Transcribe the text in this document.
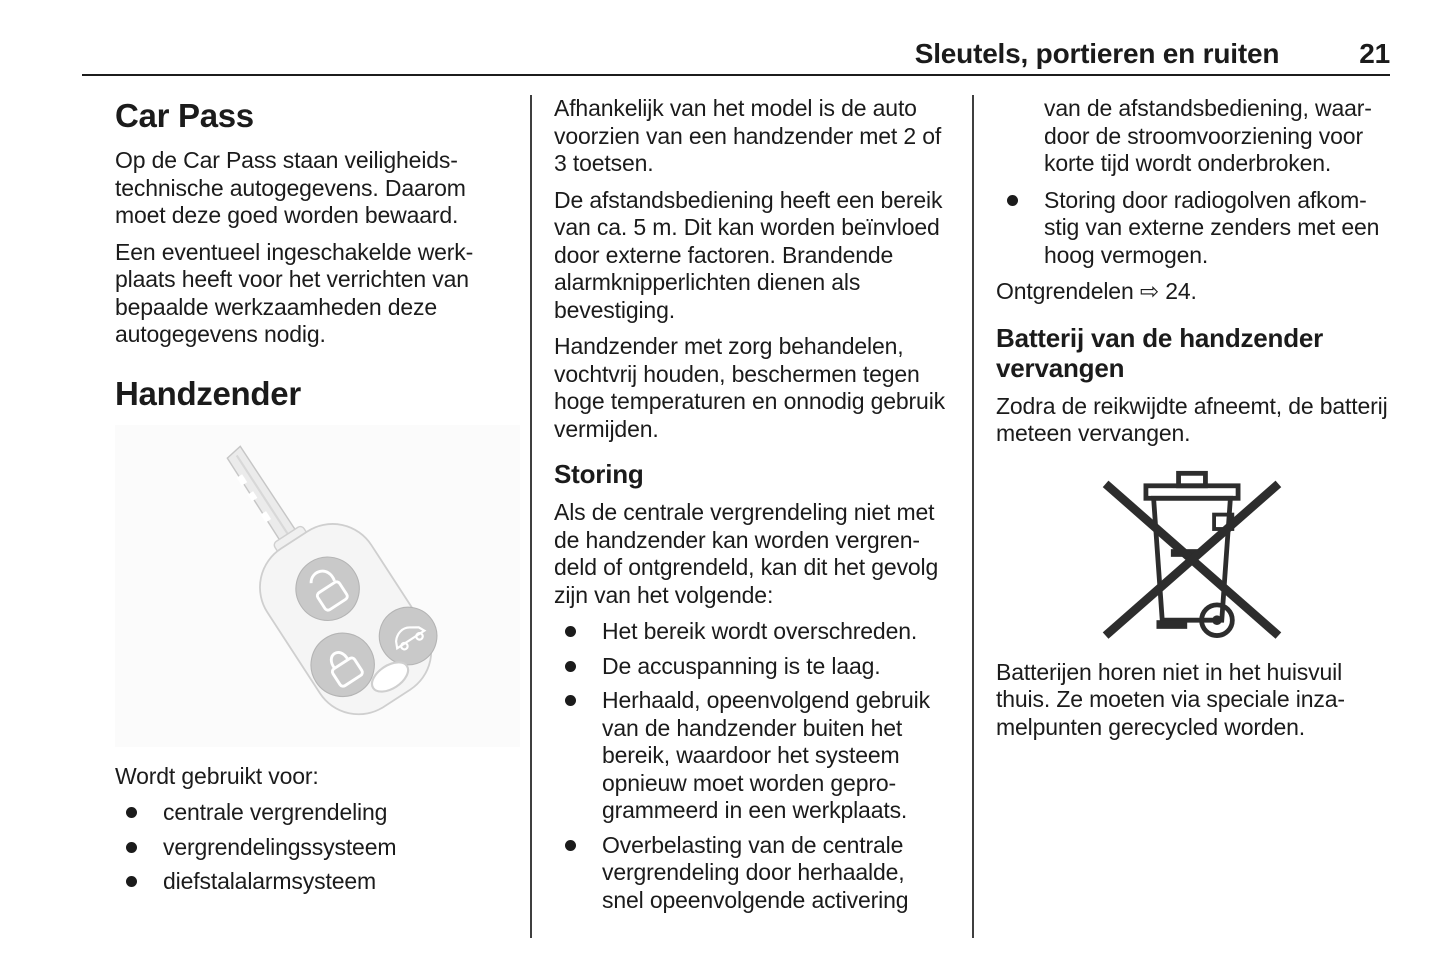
Sleutels, portieren en ruiten	21
Car Pass

Op de Car Pass staan veiligheids-technische autogegevens. Daarom moet deze goed worden bewaard.

Een eventueel ingeschakelde werk-plaats heeft voor het verrichten van bepaalde werkzaamheden deze autogegevens nodig.

Handzender

Wordt gebruikt voor:

centrale vergrendeling
vergrendelingssysteem
diefstalalarmsysteem

Afhankelijk van het model is de auto voorzien van een handzender met 2 of 3 toetsen.

De afstandsbediening heeft een bereik van ca. 5 m. Dit kan worden beïnvloed door externe factoren. Brandende alarmknipperlichten dienen als bevestiging.

Handzender met zorg behandelen, vochtvrij houden, beschermen tegen hoge temperaturen en onnodig gebruik vermijden.

Storing

Als de centrale vergrendeling niet met de handzender kan worden vergren-deld of ontgrendeld, kan dit het gevolg zijn van het volgende:

Het bereik wordt overschreden.
De accuspanning is te laag.
Herhaald, opeenvolgend gebruik van de handzender buiten het bereik, waardoor het systeem opnieuw moet worden gepro-grammeerd in een werkplaats.
Overbelasting van de centrale vergrendeling door herhaalde, snel opeenvolgende activering

van de afstandsbediening, waar-door de stroomvoorziening voor korte tijd wordt onderbroken.

Storing door radiogolven afkom-stig van externe zenders met een hoog vermogen.

Ontgrendelen ⇨ 24.

Batterij van de handzender vervangen

Zodra de reikwijdte afneemt, de batterij meteen vervangen.

Batterijen horen niet in het huisvuil thuis. Ze moeten via speciale inza-melpunten gerecycled worden.
